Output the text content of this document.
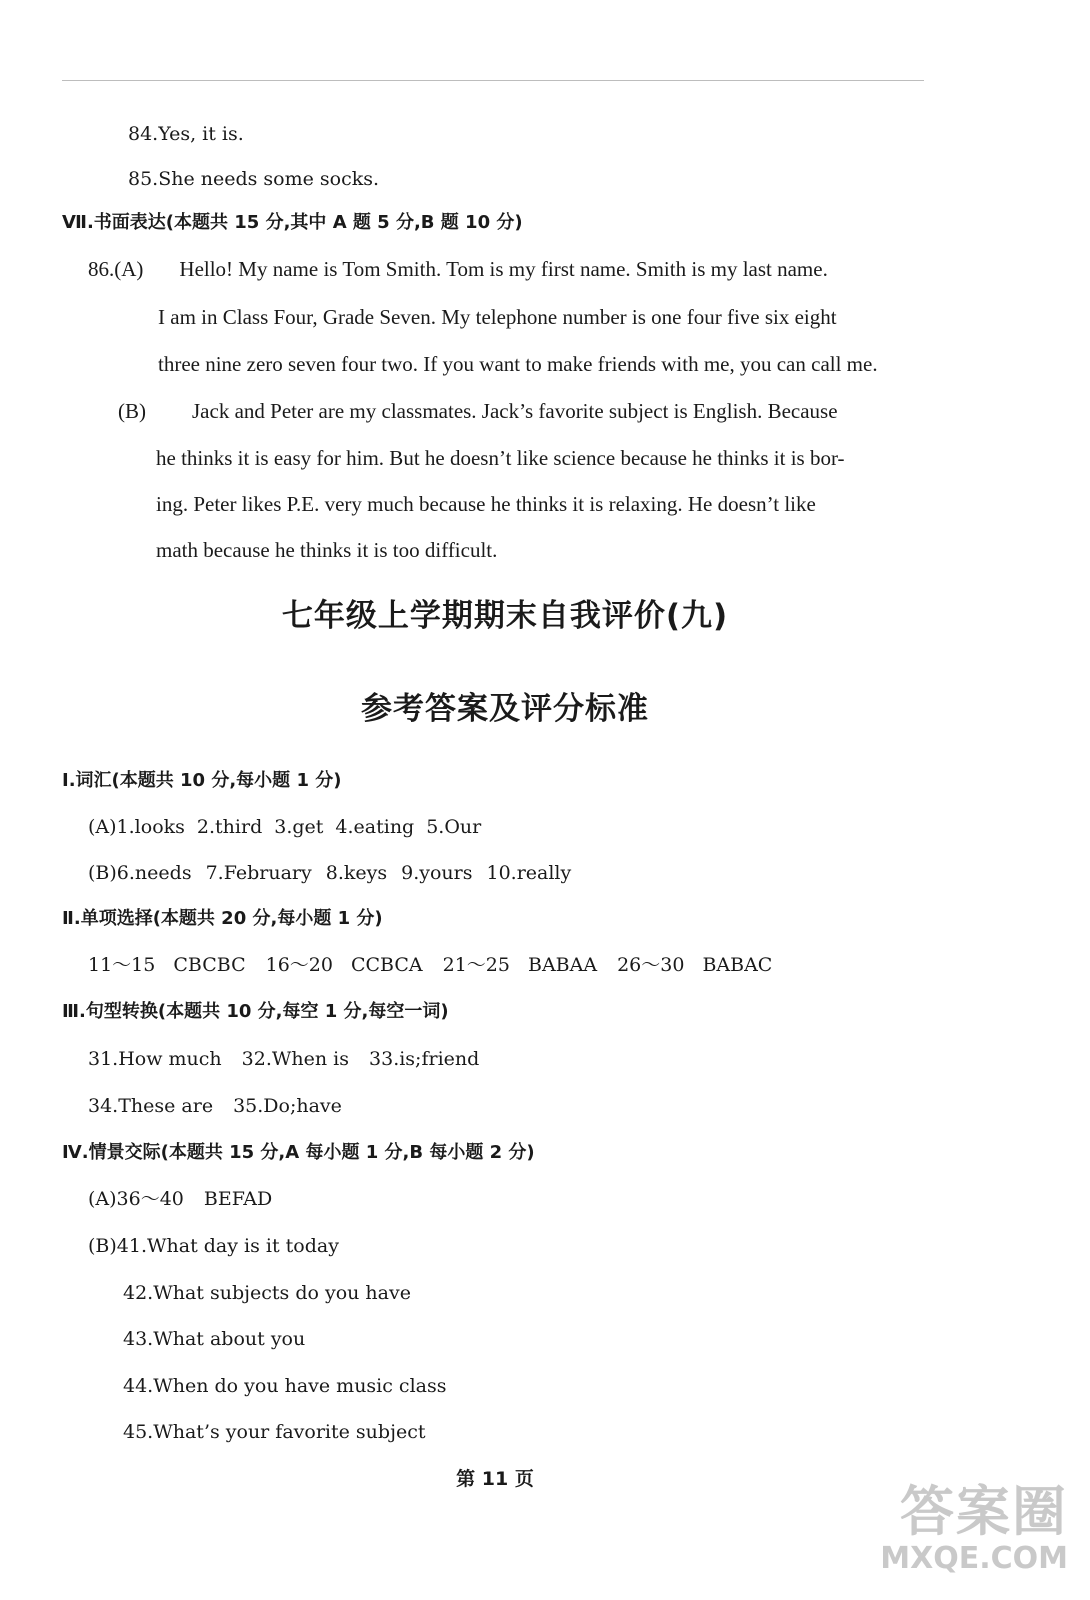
84.Yes, it is.
85.She needs some socks.
Ⅶ.书面表达(本题共 15 分,其中 A 题 5 分,B 题 10 分)
86.(A) Hello! My name is Tom Smith. Tom is my first name. Smith is my last name.
I am in Class Four, Grade Seven. My telephone number is one four five six eight
three nine zero seven four two. If you want to make friends with me, you can call me.
(B) Jack and Peter are my classmates. Jack’s favorite subject is English. Because
he thinks it is easy for him. But he doesn’t like science because he thinks it is bor-
ing. Peter likes P.E. very much because he thinks it is relaxing. He doesn’t like
math because he thinks it is too difficult.
七年级上学期期末自我评价(九)
参考答案及评分标准
Ⅰ.词汇(本题共 10 分,每小题 1 分)
(A)1.looks 2.third 3.get 4.eating 5.Our
(B)6.needs 7.February 8.keys 9.yours 10.really
Ⅱ.单项选择(本题共 20 分,每小题 1 分)
11～15 CBCBC 16～20 CCBCA 21～25 BABAA 26～30 BABAC
Ⅲ.句型转换(本题共 10 分,每空 1 分,每空一词)
31.How much 32.When is 33.is;friend
34.These are 35.Do;have
Ⅳ.情景交际(本题共 15 分,A 每小题 1 分,B 每小题 2 分)
(A)36～40 BEFAD
(B)41.What day is it today
42.What subjects do you have
43.What about you
44.When do you have music class
45.What’s your favorite subject
第 11 页
答案圈
MXQE.COM
